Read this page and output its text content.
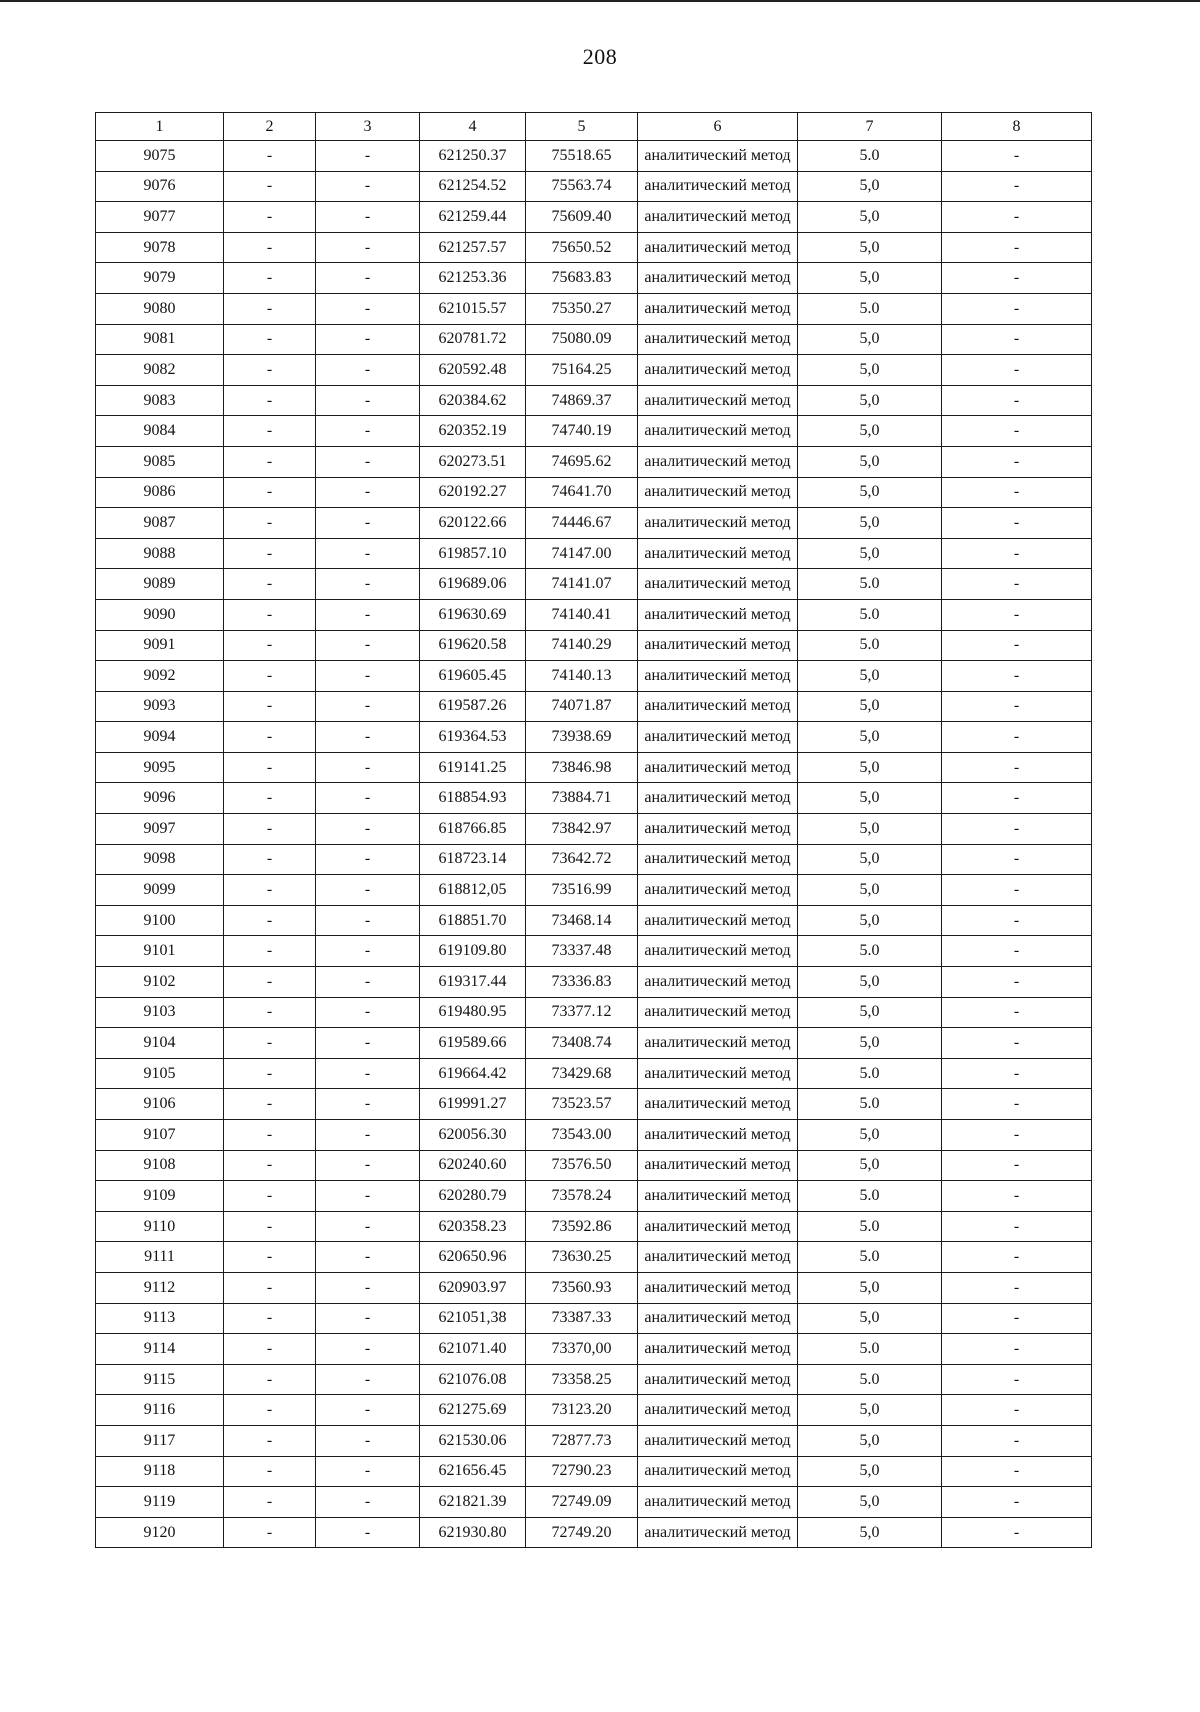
208
1	2	3	4	5	6	7	8
9075	-	-	621250.37	75518.65	аналитический метод	5.0	-
9076	-	-	621254.52	75563.74	аналитический метод	5,0	-
9077	-	-	621259.44	75609.40	аналитический метод	5,0	-
9078	-	-	621257.57	75650.52	аналитический метод	5,0	-
9079	-	-	621253.36	75683.83	аналитический метод	5,0	-
9080	-	-	621015.57	75350.27	аналитический метод	5.0	-
9081	-	-	620781.72	75080.09	аналитический метод	5,0	-
9082	-	-	620592.48	75164.25	аналитический метод	5,0	-
9083	-	-	620384.62	74869.37	аналитический метод	5,0	-
9084	-	-	620352.19	74740.19	аналитический метод	5,0	-
9085	-	-	620273.51	74695.62	аналитический метод	5,0	-
9086	-	-	620192.27	74641.70	аналитический метод	5,0	-
9087	-	-	620122.66	74446.67	аналитический метод	5,0	-
9088	-	-	619857.10	74147.00	аналитический метод	5,0	-
9089	-	-	619689.06	74141.07	аналитический метод	5.0	-
9090	-	-	619630.69	74140.41	аналитический метод	5.0	-
9091	-	-	619620.58	74140.29	аналитический метод	5.0	-
9092	-	-	619605.45	74140.13	аналитический метод	5,0	-
9093	-	-	619587.26	74071.87	аналитический метод	5,0	-
9094	-	-	619364.53	73938.69	аналитический метод	5,0	-
9095	-	-	619141.25	73846.98	аналитический метод	5,0	-
9096	-	-	618854.93	73884.71	аналитический метод	5,0	-
9097	-	-	618766.85	73842.97	аналитический метод	5,0	-
9098	-	-	618723.14	73642.72	аналитический метод	5,0	-
9099	-	-	618812,05	73516.99	аналитический метод	5,0	-
9100	-	-	618851.70	73468.14	аналитический метод	5,0	-
9101	-	-	619109.80	73337.48	аналитический метод	5.0	-
9102	-	-	619317.44	73336.83	аналитический метод	5,0	-
9103	-	-	619480.95	73377.12	аналитический метод	5,0	-
9104	-	-	619589.66	73408.74	аналитический метод	5,0	-
9105	-	-	619664.42	73429.68	аналитический метод	5.0	-
9106	-	-	619991.27	73523.57	аналитический метод	5.0	-
9107	-	-	620056.30	73543.00	аналитический метод	5,0	-
9108	-	-	620240.60	73576.50	аналитический метод	5,0	-
9109	-	-	620280.79	73578.24	аналитический метод	5.0	-
9110	-	-	620358.23	73592.86	аналитический метод	5.0	-
9111	-	-	620650.96	73630.25	аналитический метод	5.0	-
9112	-	-	620903.97	73560.93	аналитический метод	5,0	-
9113	-	-	621051,38	73387.33	аналитический метод	5,0	-
9114	-	-	621071.40	73370,00	аналитический метод	5.0	-
9115	-	-	621076.08	73358.25	аналитический метод	5.0	-
9116	-	-	621275.69	73123.20	аналитический метод	5,0	-
9117	-	-	621530.06	72877.73	аналитический метод	5,0	-
9118	-	-	621656.45	72790.23	аналитический метод	5,0	-
9119	-	-	621821.39	72749.09	аналитический метод	5,0	-
9120	-	-	621930.80	72749.20	аналитический метод	5,0	-
